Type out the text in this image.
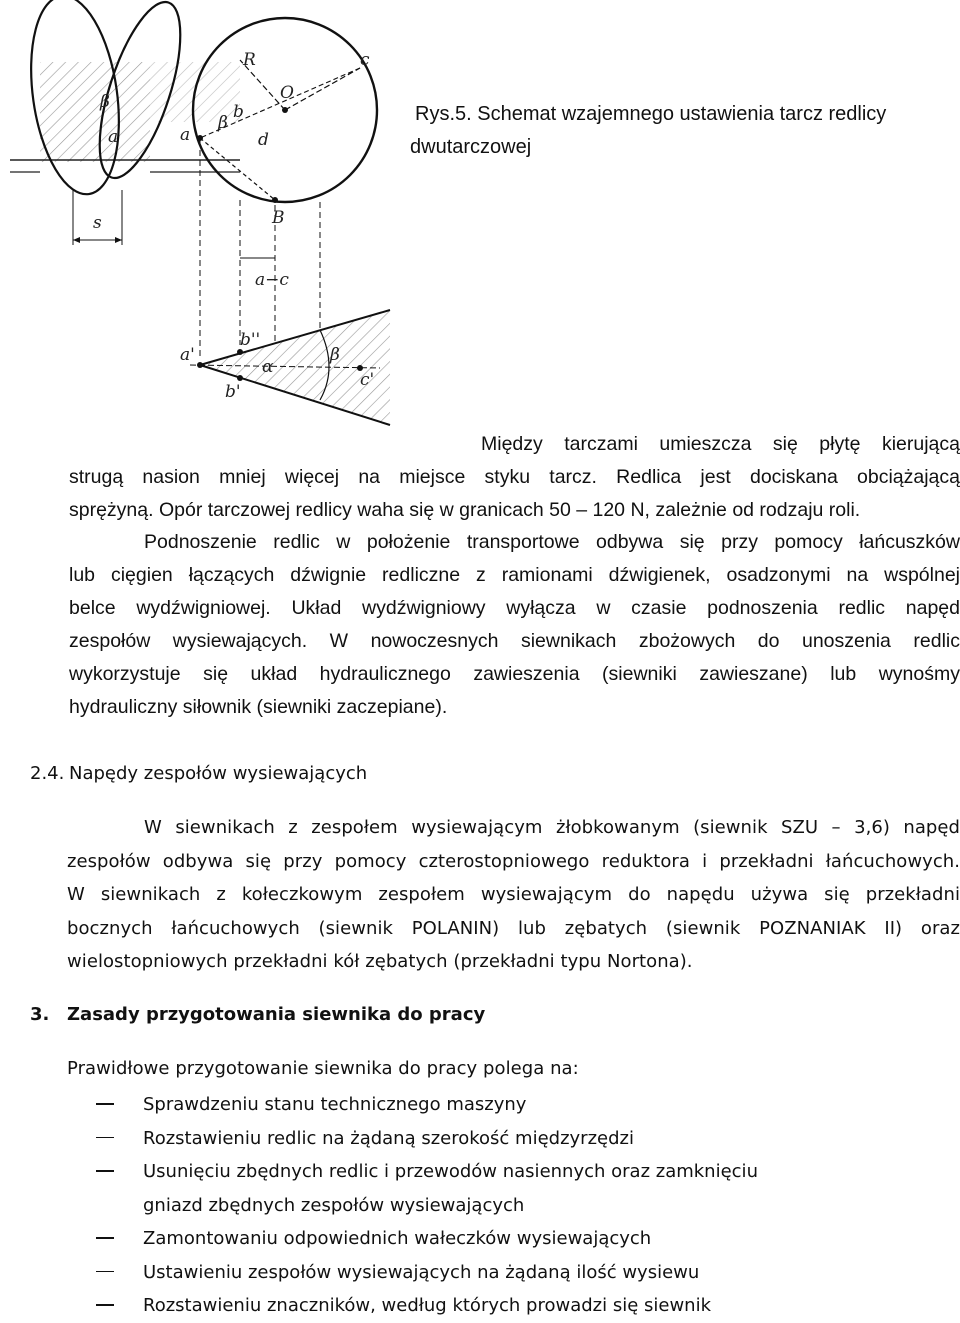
β
a	a
b
β
R
O
c
d
s	B
a−c
a'
b''
α
b'
β
c'
Rys.5. Schemat wzajemnego ustawienia tarcz redlicy
dwutarczowej
Między tarczami umieszcza się płytę kierującą
strugą nasion mniej więcej na miejsce styku tarcz. Redlica jest dociskana obciążającą
sprężyną. Opór tarczowej redlicy waha się w granicach 50 – 120 N, zależnie od rodzaju roli.
Podnoszenie redlic w położenie transportowe odbywa się przy pomocy łańcuszków
lub cięgien łączących dźwignie redliczne z ramionami dźwigienek, osadzonymi na wspólnej
belce wydźwigniowej. Układ wydźwigniowy wyłącza w czasie podnoszenia redlic napęd
zespołów wysiewających. W nowoczesnych siewnikach zbożowych do unoszenia redlic
wykorzystuje się układ hydraulicznego zawieszenia (siewniki zawieszane) lub wynośmy
hydrauliczny siłownik (siewniki zaczepiane).
2.4. Napędy zespołów wysiewających
W siewnikach z zespołem wysiewającym żłobkowanym (siewnik SZU – 3,6) napęd
zespołów odbywa się przy pomocy czterostopniowego reduktora i przekładni łańcuchowych.
W siewnikach z kołeczkowym zespołem wysiewającym do napędu używa się przekładni
bocznych łańcuchowych (siewnik POLANIN) lub zębatych (siewnik POZNANIAK II) oraz
wielostopniowych przekładni kół zębatych (przekładni typu Nortona).
3. Zasady przygotowania siewnika do pracy
Prawidłowe przygotowanie siewnika do pracy polega na:
Sprawdzeniu stanu technicznego maszyny
Rozstawieniu redlic na żądaną szerokość międzyrzędzi
Usunięciu zbędnych redlic i przewodów nasiennych oraz zamknięciu gniazd zbędnych zespołów wysiewających
Zamontowaniu odpowiednich wałeczków wysiewających
Ustawieniu zespołów wysiewających na żądaną ilość wysiewu
Rozstawieniu znaczników, według których prowadzi się siewnik
